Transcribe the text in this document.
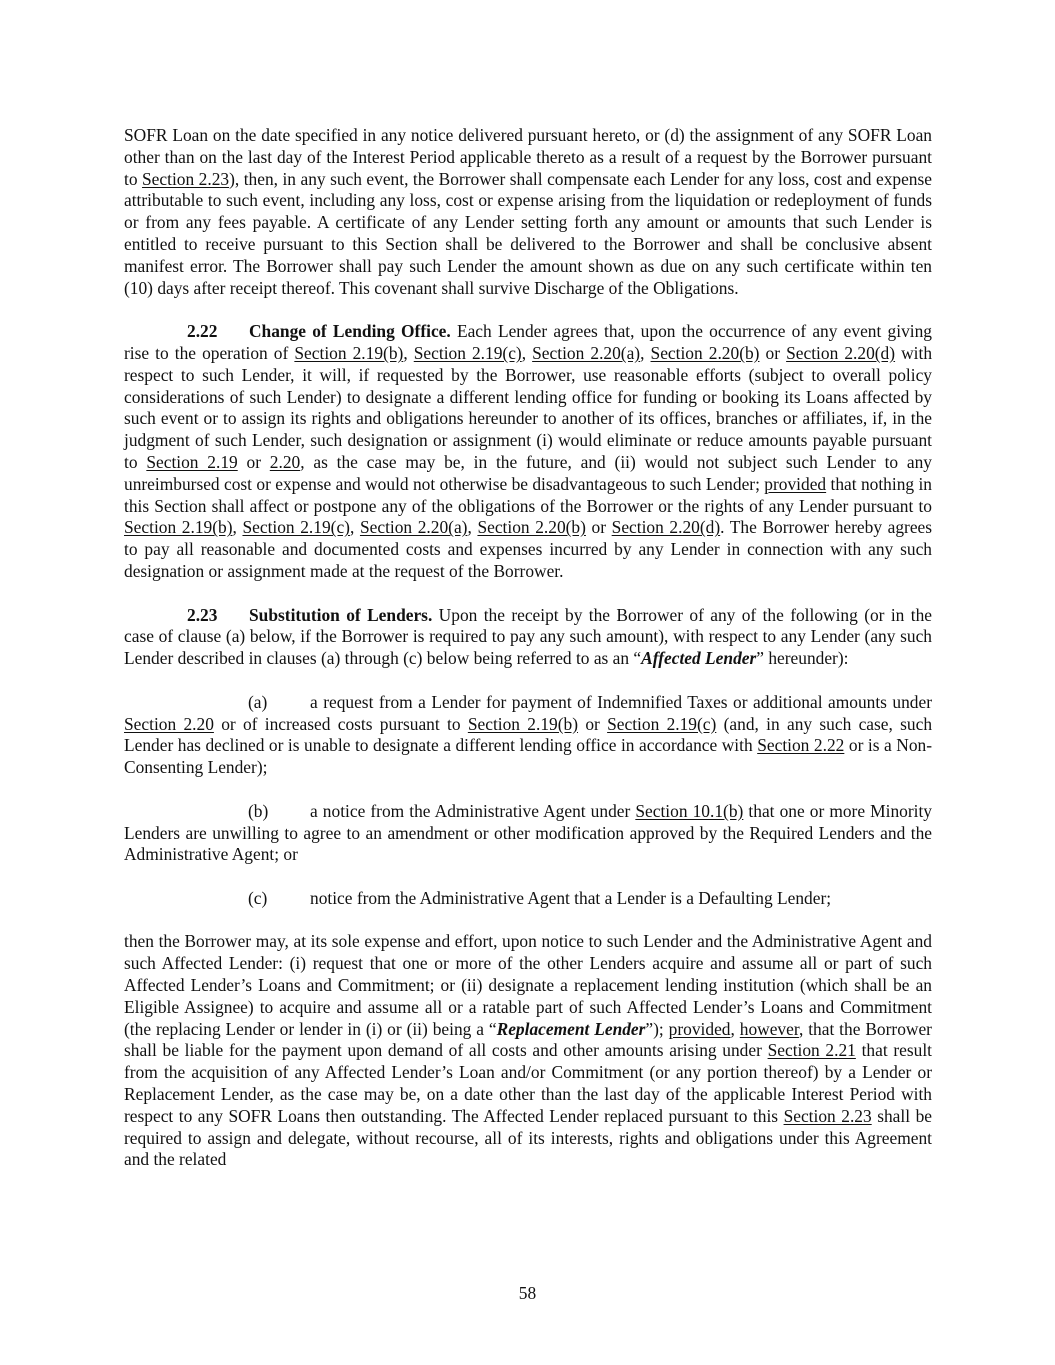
SOFR Loan on the date specified in any notice delivered pursuant hereto, or (d) the assignment of any SOFR Loan other than on the last day of the Interest Period applicable thereto as a result of a request by the Borrower pursuant to Section 2.23), then, in any such event, the Borrower shall compensate each Lender for any loss, cost and expense attributable to such event, including any loss, cost or expense arising from the liquidation or redeployment of funds or from any fees payable. A certificate of any Lender setting forth any amount or amounts that such Lender is entitled to receive pursuant to this Section shall be delivered to the Borrower and shall be conclusive absent manifest error. The Borrower shall pay such Lender the amount shown as due on any such certificate within ten (10) days after receipt thereof. This covenant shall survive Discharge of the Obligations.

2.22 Change of Lending Office. Each Lender agrees that, upon the occurrence of any event giving rise to the operation of Section 2.19(b), Section 2.19(c), Section 2.20(a), Section 2.20(b) or Section 2.20(d) with respect to such Lender, it will, if requested by the Borrower, use reasonable efforts (subject to overall policy considerations of such Lender) to designate a different lending office for funding or booking its Loans affected by such event or to assign its rights and obligations hereunder to another of its offices, branches or affiliates, if, in the judgment of such Lender, such designation or assignment (i) would eliminate or reduce amounts payable pursuant to Section 2.19 or 2.20, as the case may be, in the future, and (ii) would not subject such Lender to any unreimbursed cost or expense and would not otherwise be disadvantageous to such Lender; provided that nothing in this Section shall affect or postpone any of the obligations of the Borrower or the rights of any Lender pursuant to Section 2.19(b), Section 2.19(c), Section 2.20(a), Section 2.20(b) or Section 2.20(d). The Borrower hereby agrees to pay all reasonable and documented costs and expenses incurred by any Lender in connection with any such designation or assignment made at the request of the Borrower.

2.23 Substitution of Lenders. Upon the receipt by the Borrower of any of the following (or in the case of clause (a) below, if the Borrower is required to pay any such amount), with respect to any Lender (any such Lender described in clauses (a) through (c) below being referred to as an “Affected Lender” hereunder):

(a) a request from a Lender for payment of Indemnified Taxes or additional amounts under Section 2.20 or of increased costs pursuant to Section 2.19(b) or Section 2.19(c) (and, in any such case, such Lender has declined or is unable to designate a different lending office in accordance with Section 2.22 or is a Non-Consenting Lender);

(b) a notice from the Administrative Agent under Section 10.1(b) that one or more Minority Lenders are unwilling to agree to an amendment or other modification approved by the Required Lenders and the Administrative Agent; or

(c) notice from the Administrative Agent that a Lender is a Defaulting Lender;

then the Borrower may, at its sole expense and effort, upon notice to such Lender and the Administrative Agent and such Affected Lender: (i) request that one or more of the other Lenders acquire and assume all or part of such Affected Lender’s Loans and Commitment; or (ii) designate a replacement lending institution (which shall be an Eligible Assignee) to acquire and assume all or a ratable part of such Affected Lender’s Loans and Commitment (the replacing Lender or lender in (i) or (ii) being a “Replacement Lender”); provided, however, that the Borrower shall be liable for the payment upon demand of all costs and other amounts arising under Section 2.21 that result from the acquisition of any Affected Lender’s Loan and/or Commitment (or any portion thereof) by a Lender or Replacement Lender, as the case may be, on a date other than the last day of the applicable Interest Period with respect to any SOFR Loans then outstanding. The Affected Lender replaced pursuant to this Section 2.23 shall be required to assign and delegate, without recourse, all of its interests, rights and obligations under this Agreement and the related

58
